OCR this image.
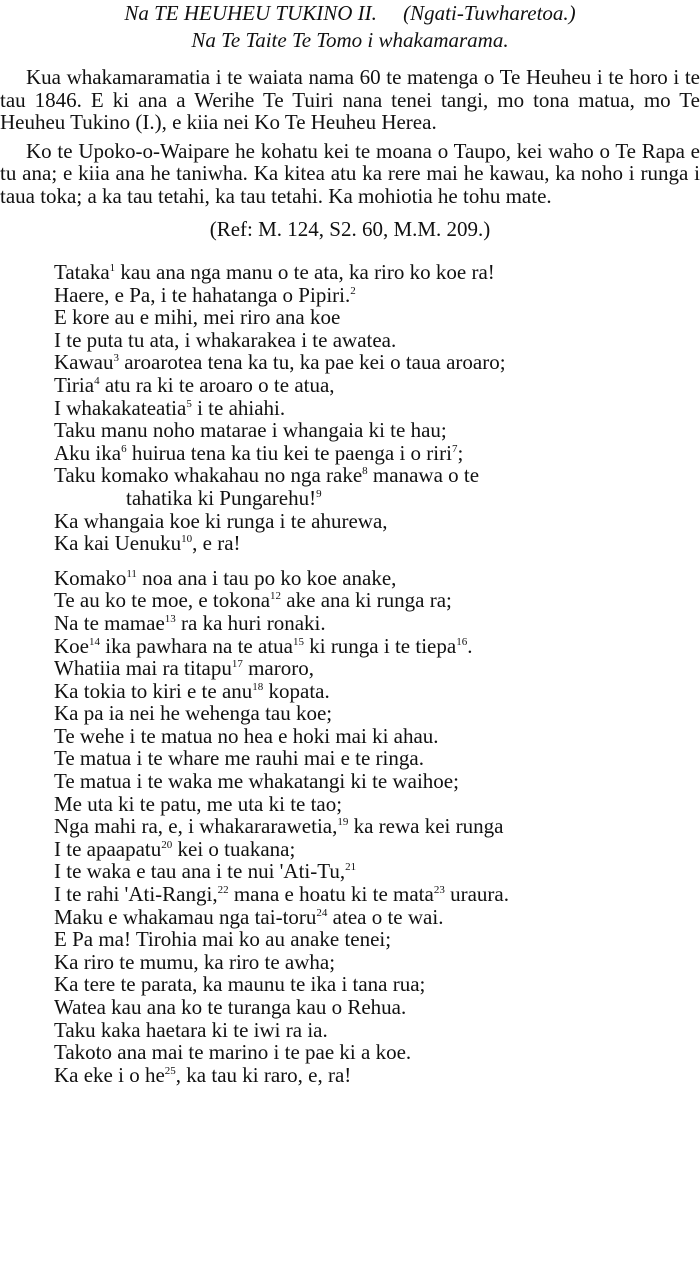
Na TE HEUHEU TUKINO II.     (Ngati-Tuwharetoa.)
Na Te Taite Te Tomo i whakamarama.

Kua whakamaramatia i te waiata nama 60 te matenga o Te Heuheu i te horo i te tau 1846. E ki ana a Werihe Te Tuiri nana tenei tangi, mo tona matua, mo Te Heuheu Tukino (I.), e kiia nei Ko Te Heuheu Herea.

Ko te Upoko-o-Waipare he kohatu kei te moana o Taupo, kei waho o Te Rapa e tu ana; e kiia ana he taniwha. Ka kitea atu ka rere mai he kawau, ka noho i runga i taua toka; a ka tau tetahi, ka tau tetahi. Ka mohiotia he tohu mate.

(Ref: M. 124, S2. 60, M.M. 209.)
Tataka$^1$ kau ana nga manu o te ata, ka riro ko koe ra!
Haere, e Pa, i te hahatanga o Pipiri.$^2$
E kore au e mihi, mei riro ana koe
I te puta tu ata, i whakarakea i te awatea.
Kawau$^3$ aroarotea tena ka tu, ka pae kei o taua aroaro;
Tiria$^4$ atu ra ki te aroaro o te atua,
I whakakateatia$^5$ i te ahiahi.
Taku manu noho matarae i whangaia ki te hau;
Aku ika$^6$ huirua tena ka tiu kei te paenga i o riri$^7$;
Taku komako whakahau no nga rake$^8$ manawa o te
tahatika ki Pungarehu!$^9$
Ka whangaia koe ki runga i te ahurewa,
Ka kai Uenuku$^{10}$, e ra!
Komako$^{11}$ noa ana i tau po ko koe anake,
Te au ko te moe, e tokona$^{12}$ ake ana ki runga ra;
Na te mamae$^{13}$ ra ka huri ronaki.
Koe$^{14}$ ika pawhara na te atua$^{15}$ ki runga i te tiepa$^{16}$.
Whatiia mai ra titapu$^{17}$ maroro,
Ka tokia to kiri e te anu$^{18}$ kopata.
Ka pa ia nei he wehenga tau koe;
Te wehe i te matua no hea e hoki mai ki ahau.
Te matua i te whare me rauhi mai e te ringa.
Te matua i te waka me whakatangi ki te waihoe;
Me uta ki te patu, me uta ki te tao;
Nga mahi ra, e, i whakararawetia,$^{19}$ ka rewa kei runga
I te apaapatu$^{20}$ kei o tuakana;
I te waka e tau ana i te nui 'Ati-Tu,$^{21}$
I te rahi 'Ati-Rangi,$^{22}$ mana e hoatu ki te mata$^{23}$ uraura.
Maku e whakamau nga tai-toru$^{24}$ atea o te wai.
E Pa ma! Tirohia mai ko au anake tenei;
Ka riro te mumu, ka riro te awha;
Ka tere te parata, ka maunu te ika i tana rua;
Watea kau ana ko te turanga kau o Rehua.
Taku kaka haetara ki te iwi ra ia.
Takoto ana mai te marino i te pae ki a koe.
Ka eke i o $he^{25}$, ka tau ki raro, e, ra!
